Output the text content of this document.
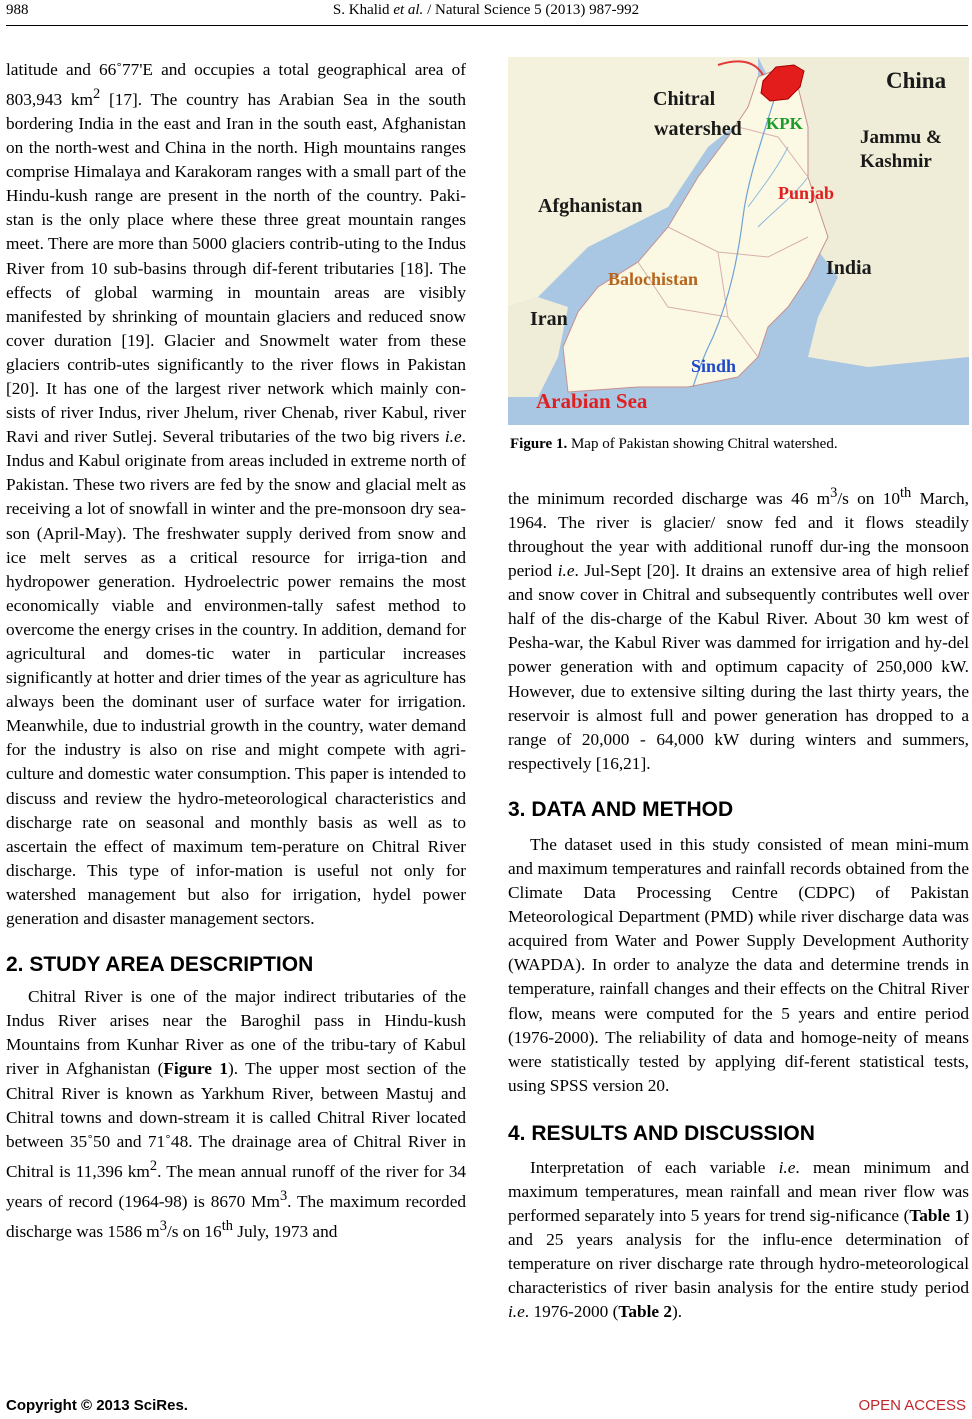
988	S. Khalid et al. / Natural Science 5 (2013) 987-992

latitude and 66˚77'E and occupies a total geographical area of 803,943 $km^2$ [17]. The country has Arabian Sea in the south bordering India in the east and Iran in the south east, Afghanistan on the north-west and China in the north. High mountains ranges comprise Himalaya and Karakoram ranges with a small part of the Hindu-kush range are present in the north of the country. Paki-stan is the only place where these three great mountain ranges meet. There are more than 5000 glaciers contrib-uting to the Indus River from 10 sub-basins through dif-ferent tributaries [18]. The effects of global warming in mountain areas are visibly manifested by shrinking of mountain glaciers and reduced snow cover duration [19]. Glacier and Snowmelt water from these glaciers contrib-utes significantly to the river flows in Pakistan [20]. It has one of the largest river network which mainly con-sists of river Indus, river Jhelum, river Chenab, river Kabul, river Ravi and river Sutlej. Several tributaries of the two big rivers i.e. Indus and Kabul originate from areas included in extreme north of Pakistan. These two rivers are fed by the snow and glacial melt as receiving a lot of snowfall in winter and the pre-monsoon dry sea-son (April-May). The freshwater supply derived from snow and ice melt serves as a critical resource for irriga-tion and hydropower generation. Hydroelectric power remains the most economically viable and environmen-tally safest method to overcome the energy crises in the country. In addition, demand for agricultural and domes-tic water in particular increases significantly at hotter and drier times of the year as agriculture has always been the dominant user of surface water for irrigation. Meanwhile, due to industrial growth in the country, water demand for the industry is also on rise and might compete with agri-culture and domestic water consumption. This paper is intended to discuss and review the hydro-meteorological characteristics and discharge rate on seasonal and monthly basis as well as to ascertain the effect of maximum tem-perature on Chitral River discharge. This type of infor-mation is useful not only for watershed management but also for irrigation, hydel power generation and disaster management sectors.

2. STUDY AREA DESCRIPTION

Chitral River is one of the major indirect tributaries of the Indus River arises near the Baroghil pass in Hindu-kush Mountains from Kunhar River as one of the tribu-tary of Kabul river in Afghanistan (Figure 1). The upper most section of the Chitral River is known as Yarkhum River, between Mastuj and Chitral towns and down-stream it is called Chitral River located between 35˚50 and 71˚48. The drainage area of Chitral River in Chitral is 11,396 $km^2$. The mean annual runoff of the river for 34 years of record (1964-98) is 8670 Mm$^3$. The maximum recorded discharge was 1586 $m^3/s$ on 16th July, 1973 and

China
Chitral
watershed KPK
Jammu &
Kashmir
Punjab
Afghanistan
India
Balochistan
Iran
Sindh
Arabian Sea
Figure 1. Map of Pakistan showing Chitral watershed.

the minimum recorded discharge was 46 $m^3/s$ on 10th March, 1964. The river is glacier/ snow fed and it flows steadily throughout the year with additional runoff dur-ing the monsoon period i.e. Jul-Sept [20]. It drains an extensive area of high relief and snow cover in Chitral and subsequently contributes well over half of the dis-charge of the Kabul River. About 30 km west of Pesha-war, the Kabul River was dammed for irrigation and hy-del power generation with and optimum capacity of 250,000 kW. However, due to extensive silting during the last thirty years, the reservoir is almost full and power generation has dropped to a range of 20,000 - 64,000 kW during winters and summers, respectively [16,21].

3. DATA AND METHOD

The dataset used in this study consisted of mean mini-mum and maximum temperatures and rainfall records obtained from the Climate Data Processing Centre (CDPC) of Pakistan Meteorological Department (PMD) while river discharge data was acquired from Water and Power Supply Development Authority (WAPDA). In order to analyze the data and determine trends in temperature, rainfall changes and their effects on the Chitral River flow, means were computed for the 5 years and entire period (1976-2000). The reliability of data and homoge-neity of means were statistically tested by applying dif-ferent statistical tests, using SPSS version 20.

4. RESULTS AND DISCUSSION

Interpretation of each variable i.e. mean minimum and maximum temperatures, mean rainfall and mean river flow was performed separately into 5 years for trend sig-nificance (Table 1) and 25 years analysis for the influ-ence determination of temperature on river discharge rate through hydro-meteorological characteristics of river basin analysis for the entire study period i.e. 1976-2000 (Table 2).

Copyright © 2013 SciRes.	OPEN ACCESS
